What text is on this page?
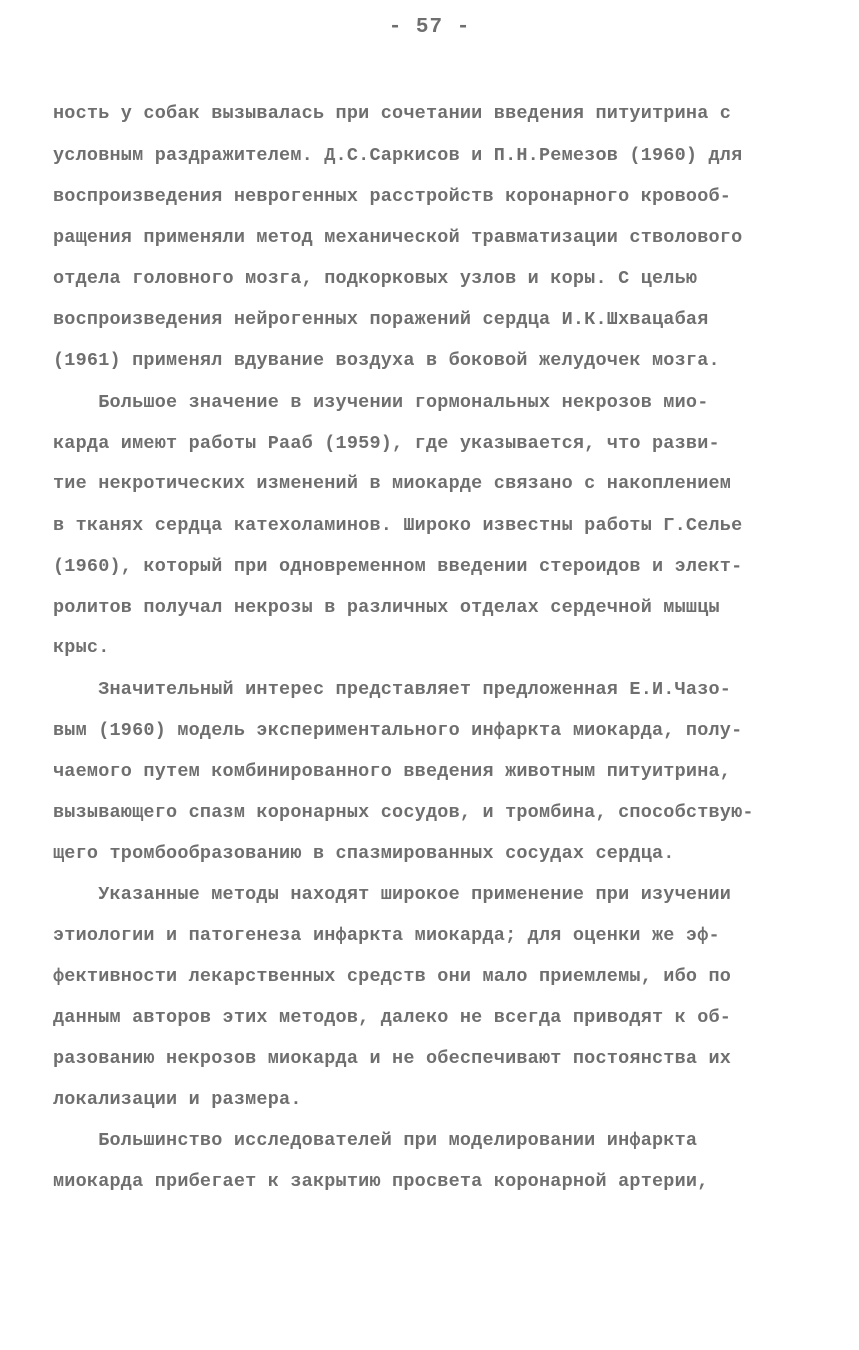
- 57 -
ность у собак вызывалась при сочетании введения питуитрина с
условным раздражителем. Д.С.Саркисов и П.Н.Ремезов (1960) для
воспроизведения неврогенных расстройств коронарного кровооб-
ращения применяли метод механической травматизации стволового
отдела головного мозга, подкорковых узлов и коры. С целью
воспроизведения нейрогенных поражений сердца И.К.Шхвацабая
(1961) применял вдувание воздуха в боковой желудочек мозга.
Большое значение в изучении гормональных некрозов мио-
карда имеют работы Рааб (1959), где указывается, что разви-
тие некротических изменений в миокарде связано с накоплением
в тканях сердца катехоламинов. Широко известны работы Г.Селье
(1960), который при одновременном введении стероидов и элект-
ролитов получал некрозы в различных отделах сердечной мышцы
крыс.
Значительный интерес представляет предложенная Е.И.Чазо-
вым (1960) модель экспериментального инфаркта миокарда, полу-
чаемого путем комбинированного введения животным питуитрина,
вызывающего спазм коронарных сосудов, и тромбина, способствую-
щего тромбообразованию в спазмированных сосудах сердца.
Указанные методы находят широкое применение при изучении
этиологии и патогенеза инфаркта миокарда; для оценки же эф-
фективности лекарственных средств они мало приемлемы, ибо по
данным авторов этих методов, далеко не всегда приводят к об-
разованию некрозов миокарда и не обеспечивают постоянства их
локализации и размера.
Большинство исследователей при моделировании инфаркта
миокарда прибегает к закрытию просвета коронарной артерии,
